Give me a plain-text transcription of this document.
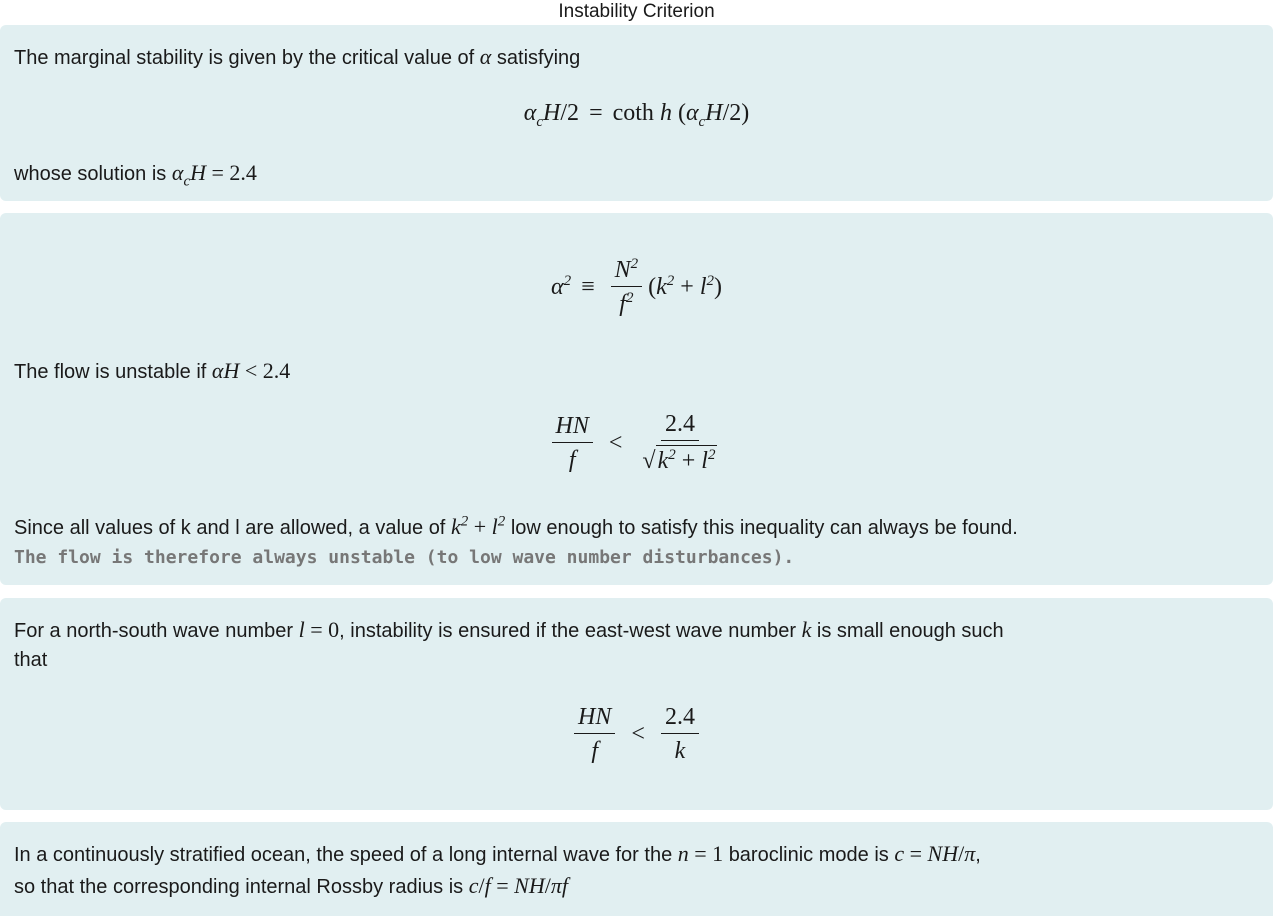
Instability Criterion
The marginal stability is given by the critical value of α satisfying
$\alpha_cH$ /2 = coth h ( $\alpha_cH$ /2)
whose solution is $\alpha_cH = 2.4$
$\alpha^2 \equiv \frac{N^2}{f^2}$ ( $k^2 + l^2$ )
The flow is unstable if αH < 2.4
$\frac{HN}{f} < \frac{2.4}{√ k^2 + l^2}$
Since all values of k and l are allowed, a value of $k^2 + l^2$ low enough to satisfy this inequality can always be found.
The flow is therefore always unstable (to low wave number disturbances).
For a north-south wave number l = 0, instability is ensured if the east-west wave number k is small enough such
that
$\frac{HN}{f} < \frac{2.4}{k}$
In a continuously stratified ocean, the speed of a long internal wave for the n = 1 baroclinic mode is c = NH/π,
so that the corresponding internal Rossby radius is c/f = NH/πf
